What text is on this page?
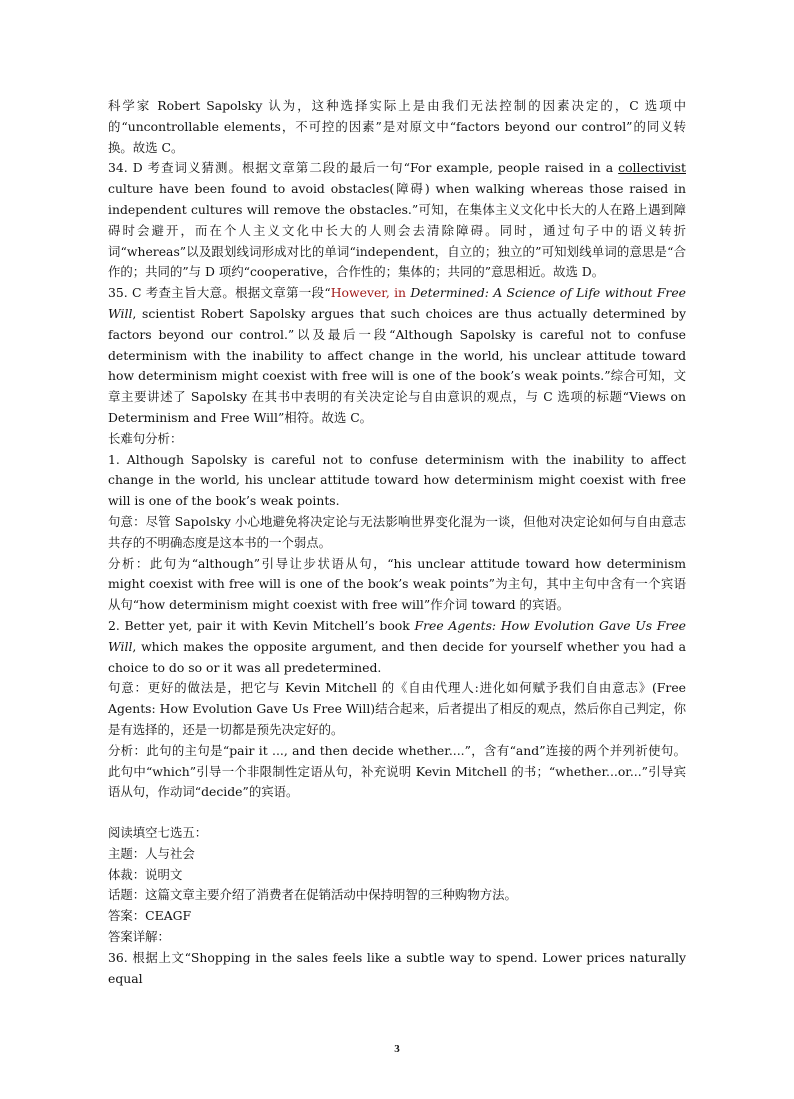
科学家 Robert Sapolsky 认为，这种选择实际上是由我们无法控制的因素决定的，C 选项中的“uncontrollable elements，不可控的因素”是对原文中“factors beyond our control”的同义转换。故选 C。

34. D 考查词义猜测。根据文章第二段的最后一句“For example, people raised in a collectivist culture have been found to avoid obstacles(障碍) when walking whereas those raised in independent cultures will remove the obstacles.”可知，在集体主义文化中长大的人在路上遇到障碍时会避开，而在个人主义文化中长大的人则会去清除障碍。同时，通过句子中的语义转折词“whereas”以及跟划线词形成对比的单词“independent，自立的；独立的”可知划线单词的意思是“合作的；共同的”与 D 项约“cooperative，合作性的；集体的；共同的”意思相近。故选 D。

35. C 考查主旨大意。根据文章第一段“However, in Determined: A Science of Life without Free Will, scientist Robert Sapolsky argues that such choices are thus actually determined by factors beyond our control.”以及最后一段“Although Sapolsky is careful not to confuse determinism with the inability to affect change in the world, his unclear attitude toward how determinism might coexist with free will is one of the book’s weak points.”综合可知，文章主要讲述了 Sapolsky 在其书中表明的有关决定论与自由意识的观点，与 C 选项的标题“Views on Determinism and Free Will”相符。故选 C。

长难句分析：

1. Although Sapolsky is careful not to confuse determinism with the inability to affect change in the world, his unclear attitude toward how determinism might coexist with free will is one of the book’s weak points.

句意：尽管 Sapolsky 小心地避免将决定论与无法影响世界变化混为一谈，但他对决定论如何与自由意志共存的不明确态度是这本书的一个弱点。

分析：此句为“although”引导让步状语从句，“his unclear attitude toward how determinism might coexist with free will is one of the book’s weak points”为主句，其中主句中含有一个宾语从句“how determinism might coexist with free will”作介词 toward 的宾语。

2. Better yet, pair it with Kevin Mitchell’s book Free Agents: How Evolution Gave Us Free Will, which makes the opposite argument, and then decide for yourself whether you had a choice to do so or it was all predetermined.

句意：更好的做法是，把它与 Kevin Mitchell 的《自由代理人:进化如何赋予我们自由意志》(Free Agents: How Evolution Gave Us Free Will)结合起来，后者提出了相反的观点，然后你自己判定，你是有选择的，还是一切都是预先决定好的。

分析：此句的主句是“pair it ..., and then decide whether....”，含有“and”连接的两个并列祈使句。此句中“which”引导一个非限制性定语从句，补充说明 Kevin Mitchell 的书；“whether...or...”引导宾语从句，作动词“decide”的宾语。

阅读填空七选五：

主题：人与社会

体裁：说明文

话题：这篇文章主要介绍了消费者在促销活动中保持明智的三种购物方法。

答案：CEAGF

答案详解：

36. 根据上文“Shopping in the sales feels like a subtle way to spend. Lower prices naturally equal

3
